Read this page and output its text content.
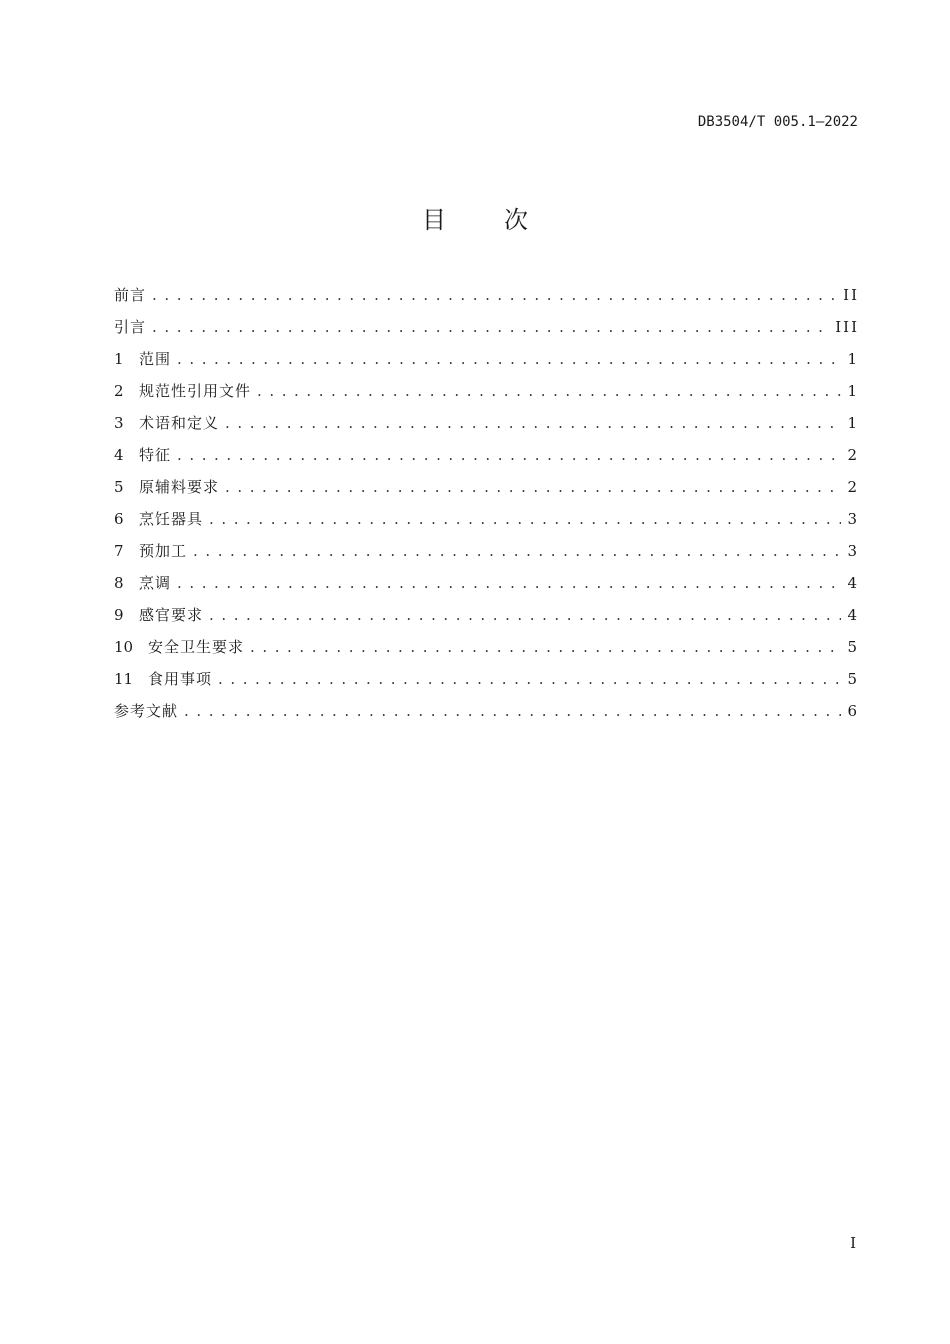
DB3504/T 005.1—2022
目次
前言 . . .	II
引言 . . .	III
1	范围 . . .	1
2	规范性引用文件 . . .	1
3	术语和定义 . . .	1
4	特征 . . .	2
5	原辅料要求 . . .	2
6	烹饪器具 . . .	3
7	预加工 . . .	3
8	烹调 . . .	4
9	感官要求 . . .	4
10 安全卫生要求 . . .	5
11 食用事项 . . .	5
参考文献 . . .	6
I
